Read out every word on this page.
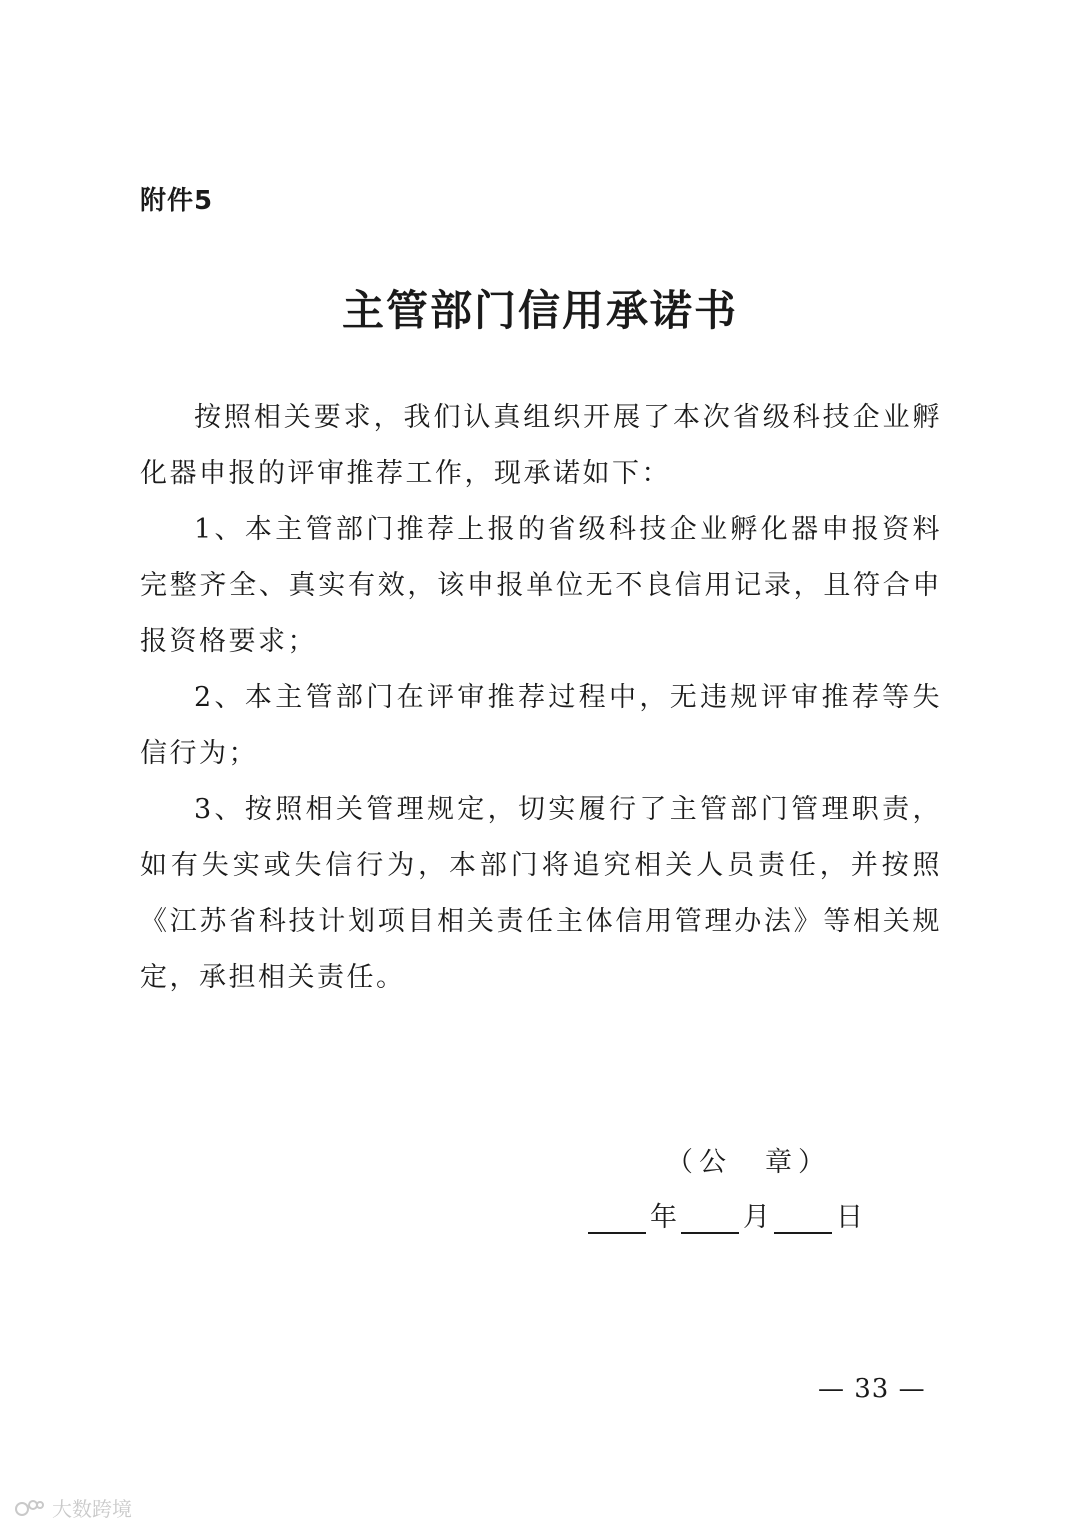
附件5
主管部门信用承诺书

按照相关要求，我们认真组织开展了本次省级科技企业孵化器申报的评审推荐工作，现承诺如下：

1、本主管部门推荐上报的省级科技企业孵化器申报资料完整齐全、真实有效，该申报单位无不良信用记录，且符合申报资格要求；

2、本主管部门在评审推荐过程中，无违规评审推荐等失信行为；

3、按照相关管理规定，切实履行了主管部门管理职责，如有失实或失信行为，本部门将追究相关人员责任，并按照《江苏省科技计划项目相关责任主体信用管理办法》等相关规定，承担相关责任。

（公　章）
年 月 日
— 33 —
大数跨境
